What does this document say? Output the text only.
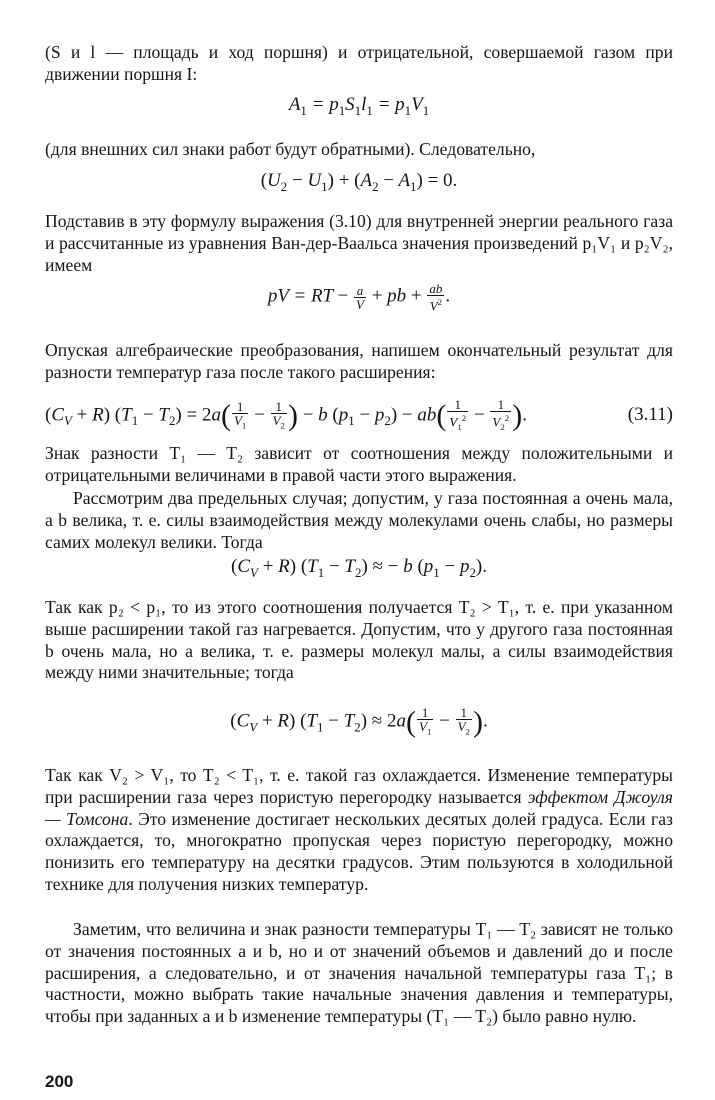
(S и l — площадь и ход поршня) и отрицательной, совершаемой газом при движении поршня I:

$A_1 = p_1S_1l_1 = p_1V_1$

(для внешних сил знаки работ будут обратными). Следовательно,

$(U_2 - U_1) + (A_2 - A_1) = 0$.

Подставив в эту формулу выражения (3.10) для внутренней энергии реального газа и рассчитанные из уравнения Ван-дер-Ваальса значения произведений p₁V₁ и p₂V₂, имеем

pV = RT − $\frac{a}{V}$ + pb + $\frac{ab}{V^2}$ .

Опуская алгебраические преобразования, напишем окончательный результат для разности температур газа после такого расширения:

$(C_V + R) (T_1 - T_2) = 2a( \frac{1}{V_1} - \frac{1}{V_2}$ ) − b $(p_1 - p_2) - ab( \frac{1}{V_1^2} - \frac{1}{V_2^2}$ ).	(3.11)

Знак разности T₁ — T₂ зависит от соотношения между положительными и отрицательными величинами в правой части этого выражения.

Рассмотрим два предельных случая; допустим, у газа постоянная a очень мала, а b велика, т. е. силы взаимодействия между молекулами очень слабы, но размеры самих молекул велики. Тогда

$(C_V + R) (T_1 - T_2)$ ≈ − b $(p_1 - p_2)$.

Так как p₂ < p₁, то из этого соотношения получается T₂ > T₁, т. е. при указанном выше расширении такой газ нагревается. Допустим, что у другого газа постоянная b очень мала, но a велика, т. е. размеры молекул малы, а силы взаимодействия между ними значительные; тогда

$(C_V + R) (T_1 - T_2) \approx 2a( \frac{1}{V_1} - \frac{1}{V_2}$ ).

Так как V₂ > V₁, то T₂ < T₁, т. е. такой газ охлаждается. Изменение температуры при расширении газа через пористую перегородку называется эффектом Джоуля — Томсона. Это изменение достигает нескольких десятых долей градуса. Если газ охлаждается, то, многократно пропуская через пористую перегородку, можно понизить его температуру на десятки градусов. Этим пользуются в холодильной технике для получения низких температур.

Заметим, что величина и знак разности температуры T₁ — T₂ зависят не только от значения постоянных a и b, но и от значений объемов и давлений до и после расширения, а следовательно, и от значения начальной температуры газа T₁; в частности, можно выбрать такие начальные значения давления и температуры, чтобы при заданных a и b изменение температуры (T₁ — T₂) было равно нулю.

200
